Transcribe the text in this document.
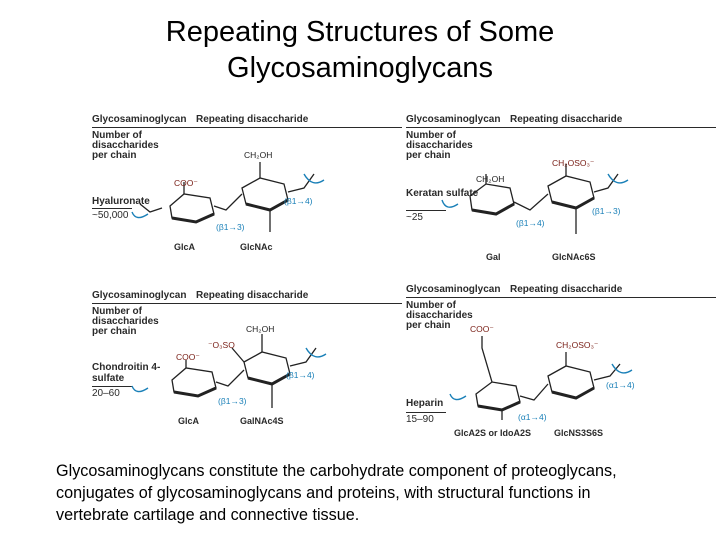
Repeating Structures of Some
Glycosaminoglycans
Glycosaminoglycan Repeating disaccharide
Number of
disaccharides
per chain
Hyaluronate
~50,000
COO⁻
CH₂OH
(β1→4)
(β1→3)
GlcA	GlcNAc
Glycosaminoglycan Repeating disaccharide
Number of
disaccharides
per chain
Keratan sulfate
~25
CH₂OH
CH₂OSO₃⁻
(β1→3)
(β1→4)
Gal	GlcNAc6S
Glycosaminoglycan Repeating disaccharide
Number of
disaccharides
per chain
Chondroitin 4-sulfate
20–60
COO⁻
⁻O₃SO
CH₂OH
(β1→4)
(β1→3)
GlcA	GalNAc4S
Glycosaminoglycan Repeating disaccharide
Number of
disaccharides
per chain
Heparin
15–90
COO⁻
CH₂OSO₃⁻
(α1→4)
(α1→4)
GlcA2S or IdoA2S	GlcNS3S6S
Glycosaminoglycans constitute the carbohydrate component of proteoglycans,
conjugates of glycosaminoglycans and proteins, with structural functions in
vertebrate cartilage and connective tissue.
